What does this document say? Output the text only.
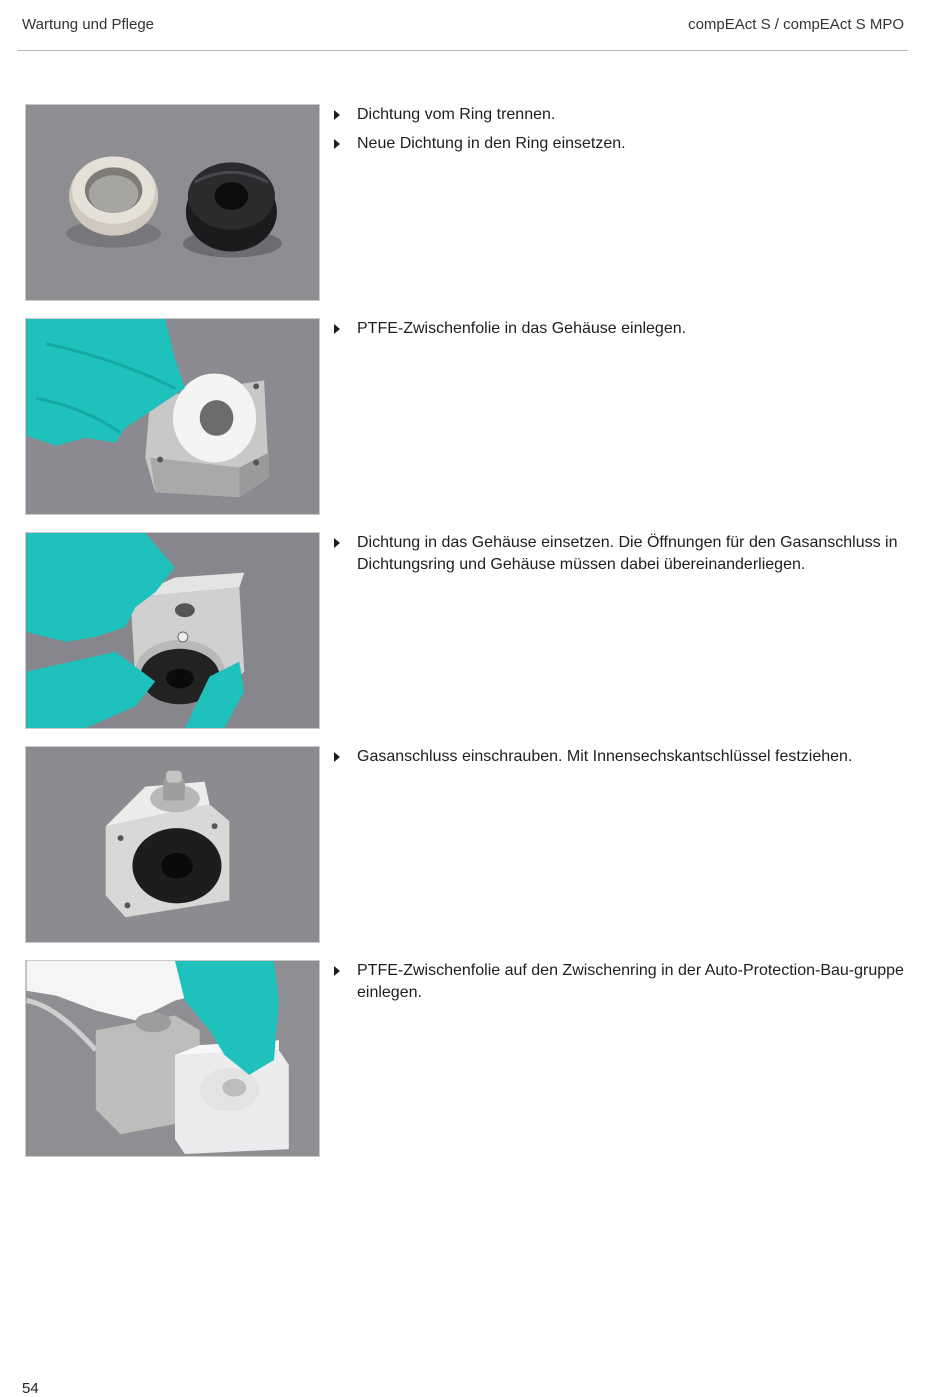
Wartung und Pflege	compEAct S / compEAct S MPO
Dichtung vom Ring trennen.
Neue Dichtung in den Ring einsetzen.
PTFE-Zwischenfolie in das Gehäuse einlegen.
Dichtung in das Gehäuse einsetzen. Die Öffnungen für den Gasanschluss in Dichtungsring und Gehäuse müssen dabei übereinanderliegen.
Gasanschluss einschrauben. Mit Innensechskantschlüssel festziehen.
PTFE-Zwischenfolie auf den Zwischenring in der Auto-Protection-Bau-gruppe einlegen.
54
